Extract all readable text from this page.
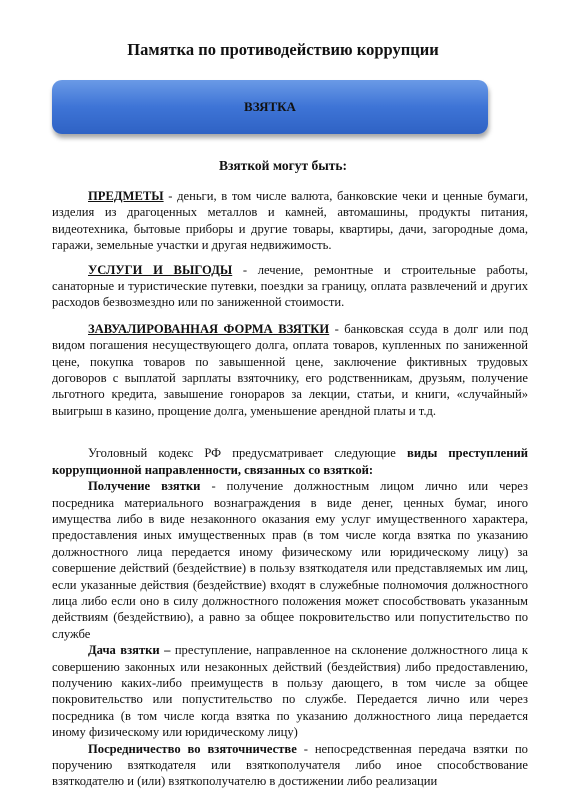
Памятка по противодействию коррупции
ВЗЯТКА
Взяткой могут быть:

ПРЕДМЕТЫ - деньги, в том числе валюта, банковские чеки и ценные бумаги, изделия из драгоценных металлов и камней, автомашины, продукты питания, видеотехника, бытовые приборы и другие товары, квартиры, дачи, загородные дома, гаражи, земельные участки и другая недвижимость.

УСЛУГИ И ВЫГОДЫ - лечение, ремонтные и строительные работы, санаторные и туристические путевки, поездки за границу, оплата развлечений и других расходов безвозмездно или по заниженной стоимости.

ЗАВУАЛИРОВАННАЯ ФОРМА ВЗЯТКИ - банковская ссуда в долг или под видом погашения несуществующего долга, оплата товаров, купленных по заниженной цене, покупка товаров по завышенной цене, заключение фиктивных трудовых договоров с выплатой зарплаты взяточнику, его родственникам, друзьям, получение льготного кредита, завышение гонораров за лекции, статьи, и книги, «случайный» выигрыш в казино, прощение долга, уменьшение арендной платы и т.д.

Уголовный кодекс РФ предусматривает следующие виды преступлений коррупционной направленности, связанных со взяткой:

Получение взятки - получение должностным лицом лично или через посредника материального вознаграждения в виде денег, ценных бумаг, иного имущества либо в виде незаконного оказания ему услуг имущественного характера, предоставления иных имущественных прав (в том числе когда взятка по указанию должностного лица передается иному физическому или юридическому лицу) за совершение действий (бездействие) в пользу взяткодателя или представляемых им лиц, если указанные действия (бездействие) входят в служебные полномочия должностного лица либо если оно в силу должностного положения может способствовать указанным действиям (бездействию), а равно за общее покровительство или попустительство по службе

Дача взятки – преступление, направленное на склонение должностного лица к совершению законных или незаконных действий (бездействия) либо предоставлению, получению каких-либо преимуществ в пользу дающего, в том числе за общее покровительство или попустительство по службе. Передается лично или через посредника (в том числе когда взятка по указанию должностного лица передается иному физическому или юридическому лицу)

Посредничество во взяточничестве - непосредственная передача взятки по поручению взяткодателя или взяткополучателя либо иное способствование взяткодателю и (или) взяткополучателю в достижении либо реализации
